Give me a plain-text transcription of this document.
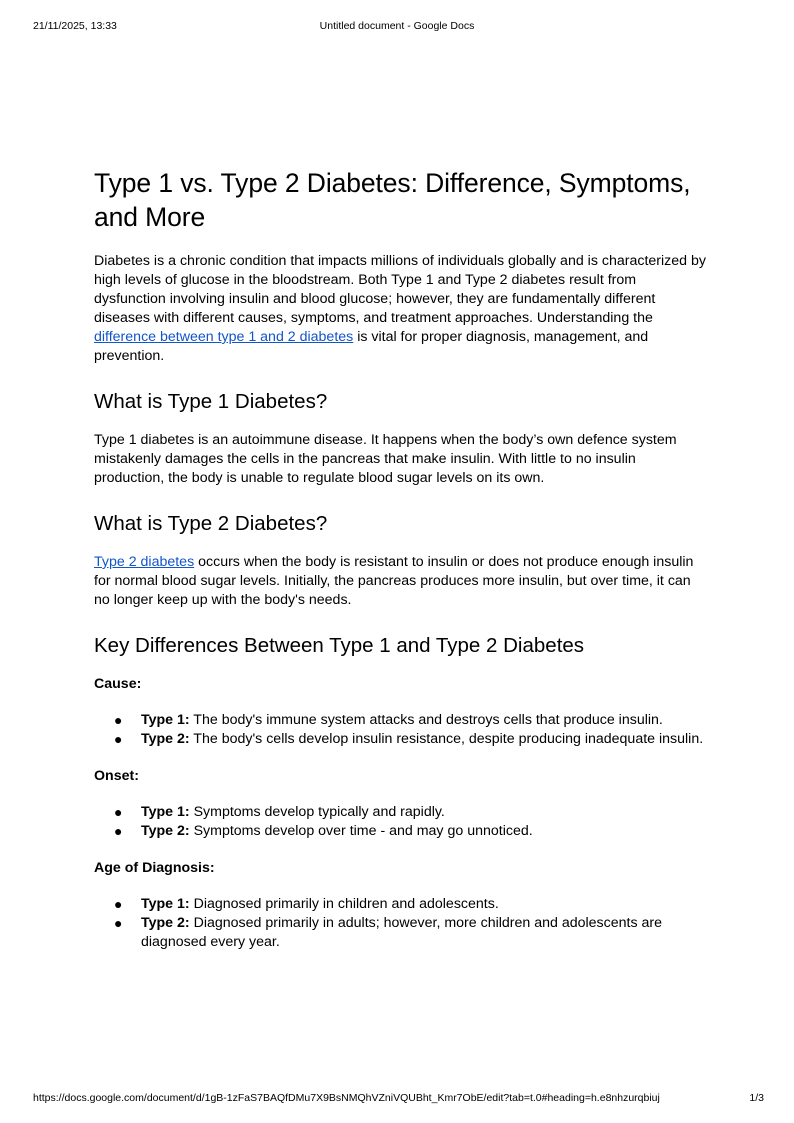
21/11/2025, 13:33	Untitled document - Google Docs
Type 1 vs. Type 2 Diabetes: Difference, Symptoms, and More

Diabetes is a chronic condition that impacts millions of individuals globally and is characterized by high levels of glucose in the bloodstream. Both Type 1 and Type 2 diabetes result from dysfunction involving insulin and blood glucose; however, they are fundamentally different diseases with different causes, symptoms, and treatment approaches. Understanding the difference between type 1 and 2 diabetes is vital for proper diagnosis, management, and prevention.

What is Type 1 Diabetes?

Type 1 diabetes is an autoimmune disease. It happens when the body’s own defence system mistakenly damages the cells in the pancreas that make insulin. With little to no insulin production, the body is unable to regulate blood sugar levels on its own.

What is Type 2 Diabetes?

Type 2 diabetes occurs when the body is resistant to insulin or does not produce enough insulin for normal blood sugar levels. Initially, the pancreas produces more insulin, but over time, it can no longer keep up with the body's needs.

Key Differences Between Type 1 and Type 2 Diabetes

Cause:

● Type 1: The body's immune system attacks and destroys cells that produce insulin.
● Type 2: The body's cells develop insulin resistance, despite producing inadequate insulin.

Onset:

● Type 1: Symptoms develop typically and rapidly.
● Type 2: Symptoms develop over time - and may go unnoticed.

Age of Diagnosis:

● Type 1: Diagnosed primarily in children and adolescents.
● Type 2: Diagnosed primarily in adults; however, more children and adolescents are diagnosed every year.
https://docs.google.com/document/d/1gB-1zFaS7BAQfDMu7X9BsNMQhVZniVQUBht_Kmr7ObE/edit?tab=t.0#heading=h.e8nhzurqbiuj	1/3
